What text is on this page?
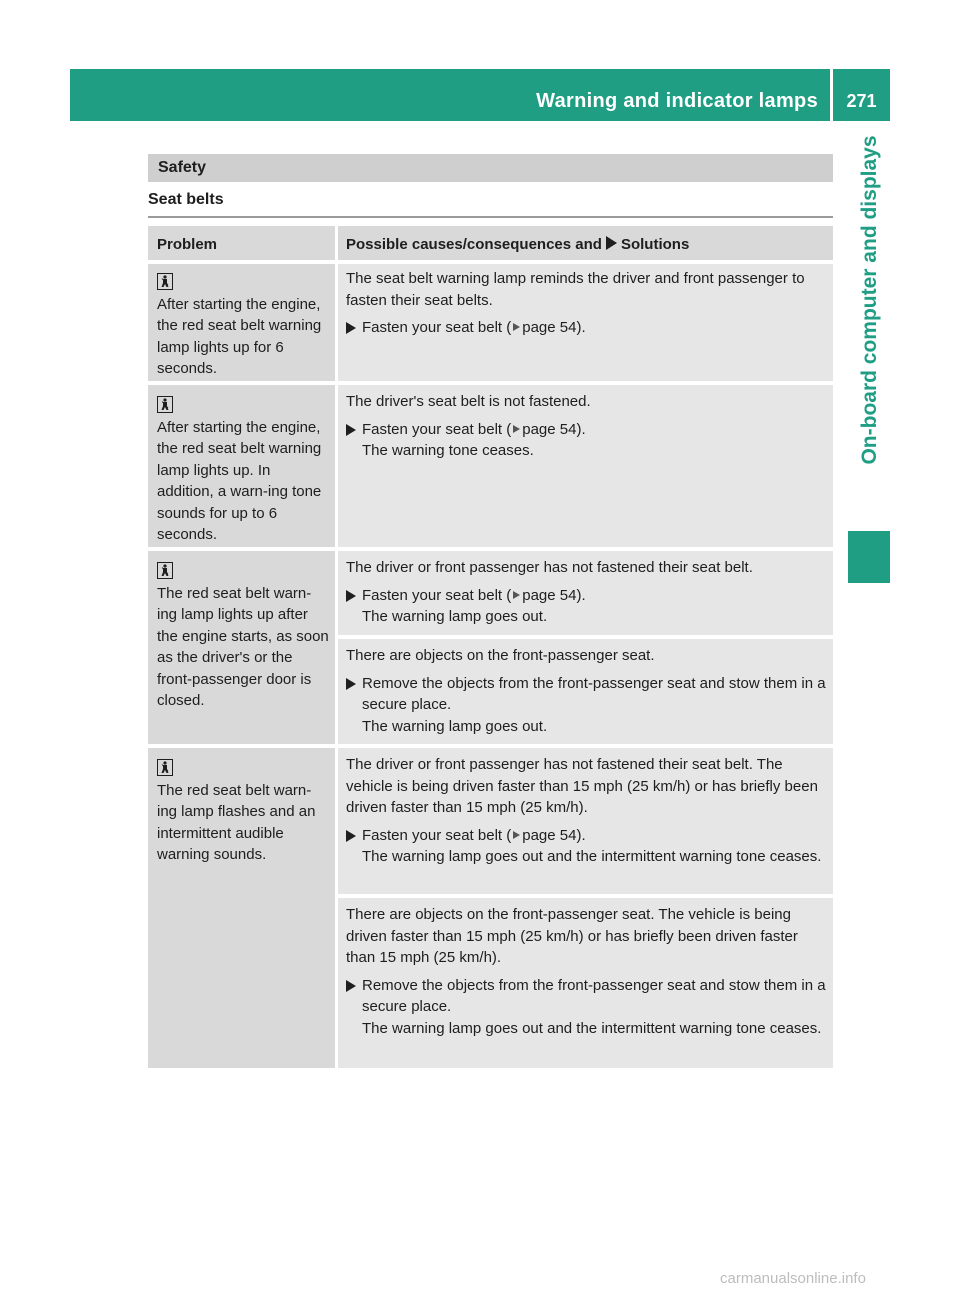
Warning and indicator lamps	271
On-board computer and displays
Safety
Seat belts
Problem	Possible causes/consequences and Solutions
After starting the engine, the red seat belt warning lamp lights up for 6 seconds.
The seat belt warning lamp reminds the driver and front passenger to fasten their seat belts.
Fasten your seat belt ( page 54).
After starting the engine, the red seat belt warning lamp lights up. In addition, a warn-ing tone sounds for up to 6 seconds.
The driver's seat belt is not fastened.
Fasten your seat belt ( page 54).
The warning tone ceases.
The red seat belt warn-ing lamp lights up after the engine starts, as soon as the driver's or the front-passenger door is closed.
The driver or front passenger has not fastened their seat belt.
Fasten your seat belt ( page 54).
The warning lamp goes out.
There are objects on the front-passenger seat.
Remove the objects from the front-passenger seat and stow them in a secure place.
The warning lamp goes out.
The red seat belt warn-ing lamp flashes and an intermittent audible warning sounds.
The driver or front passenger has not fastened their seat belt. The vehicle is being driven faster than 15 mph (25 km/h) or has briefly been driven faster than 15 mph (25 km/h).
Fasten your seat belt ( page 54).
The warning lamp goes out and the intermittent warning tone ceases.
There are objects on the front-passenger seat. The vehicle is being driven faster than 15 mph (25 km/h) or has briefly been driven faster than 15 mph (25 km/h).
Remove the objects from the front-passenger seat and stow them in a secure place.
The warning lamp goes out and the intermittent warning tone ceases.
carmanualsonline.info
